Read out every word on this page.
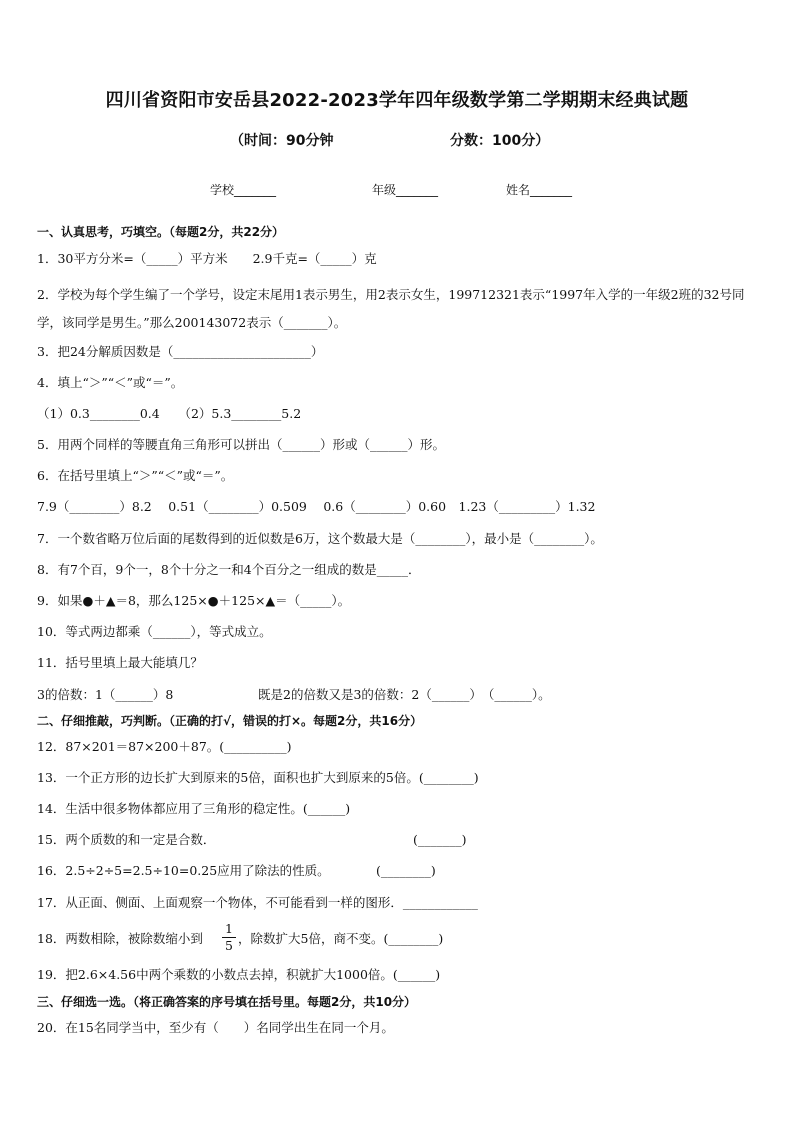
四川省资阳市安岳县2022-2023学年四年级数学第二学期期末经典试题
（时间：90分钟	分数：100分）
学校_______	年级_______	姓名_______
一、认真思考，巧填空。（每题2分，共22分）
1．30平方分米=（_____）平方米　　2.9千克=（_____）克
2．学校为每个学生编了一个学号，设定末尾用1表示男生，用2表示女生，199712321表示“1997年入学的一年级2班的32号同学，该同学是男生。”那么200143072表示（_______）。
3．把24分解质因数是（______________________）
4．填上“＞”“＜”或“＝”。
（1）0.3________0.4　　（2）5.3________5.2
5．用两个同样的等腰直角三角形可以拼出（______）形或（______）形。
6．在括号里填上“＞”“＜”或“＝”。
7.9（________）8.2　 0.51（________）0.509　 0.6（________）0.60　1.23（_________）1.32
7．一个数省略万位后面的尾数得到的近似数是6万，这个数最大是（________），最小是（________）。
8．有7个百，9个一，8个十分之一和4个百分之一组成的数是_____．
9．如果●＋▲＝8，那么125×●＋125×▲＝（_____）。
10．等式两边都乘（______），等式成立。
11．括号里填上最大能填几？
3的倍数：1（______）8	既是2的倍数又是3的倍数：2（______）　（______）。
二、仔细推敲，巧判断。（正确的打√，错误的打×。每题2分，共16分）
12．87×201＝87×200＋87。(__________)
13．一个正方形的边长扩大到原来的5倍，面积也扩大到原来的5倍。(________)
14．生活中很多物体都应用了三角形的稳定性。(______)
15．两个质数的和一定是合数．	(_______)
16．2.5÷2÷5=2.5÷10=0.25应用了除法的性质。	(________)
17．从正面、侧面、上面观察一个物体，不可能看到一样的图形．____________
18．两数相除，被除数缩小到
1
5 ，除数扩大5倍，商不变。(________)
19．把2.6×4.56中两个乘数的小数点去掉，积就扩大1000倍。(______)
三、仔细选一选。（将正确答案的序号填在括号里。每题2分，共10分）
20．在15名同学当中，至少有（　　）名同学出生在同一个月。
